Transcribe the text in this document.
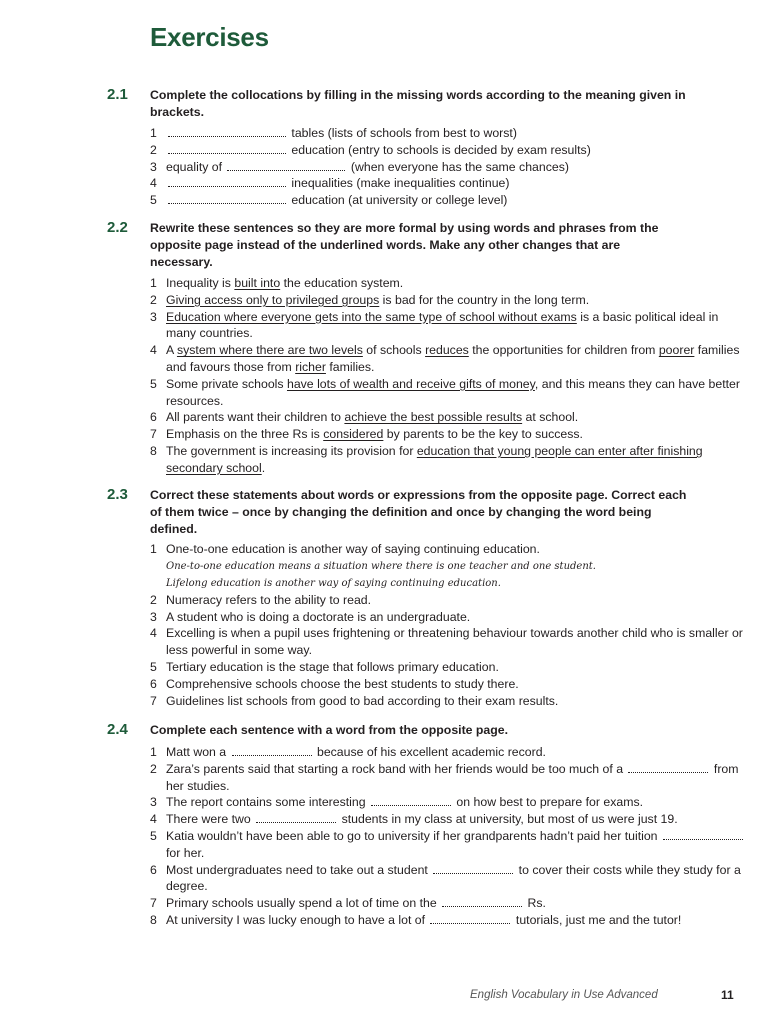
Exercises
2.1 Complete the collocations by filling in the missing words according to the meaning given in brackets.
1	tables (lists of schools from best to worst)
2	education (entry to schools is decided by exam results)
3 equality of	(when everyone has the same chances)
4	inequalities (make inequalities continue)
5	education (at university or college level)
2.2 Rewrite these sentences so they are more formal by using words and phrases from the opposite page instead of the underlined words. Make any other changes that are necessary.
1 Inequality is built into the education system.
2 Giving access only to privileged groups is bad for the country in the long term.
3 Education where everyone gets into the same type of school without exams is a basic political ideal in many countries.
4 A system where there are two levels of schools reduces the opportunities for children from poorer families and favours those from richer families.
5 Some private schools have lots of wealth and receive gifts of money, and this means they can have better resources.
6 All parents want their children to achieve the best possible results at school.
7 Emphasis on the three Rs is considered by parents to be the key to success.
8 The government is increasing its provision for education that young people can enter after finishing secondary school.
2.3 Correct these statements about words or expressions from the opposite page. Correct each of them twice – once by changing the definition and once by changing the word being defined.
1 One-to-one education is another way of saying continuing education.
One-to-one education means a situation where there is one teacher and one student.
Lifelong education is another way of saying continuing education.
2 Numeracy refers to the ability to read.
3 A student who is doing a doctorate is an undergraduate.
4 Excelling is when a pupil uses frightening or threatening behaviour towards another child who is smaller or less powerful in some way.
5 Tertiary education is the stage that follows primary education.
6 Comprehensive schools choose the best students to study there.
7 Guidelines list schools from good to bad according to their exam results.
2.4 Complete each sentence with a word from the opposite page.
1 Matt won a	because of his excellent academic record.
2 Zara’s parents said that starting a rock band with her friends would be too much of a	from her studies.
3 The report contains some interesting	on how best to prepare for exams.
4 There were two	students in my class at university, but most of us were just 19.
5 Katia wouldn’t have been able to go to university if her grandparents hadn’t paid her tuition  for her.
6 Most undergraduates need to take out a student	to cover their costs while they study for a degree.
7 Primary schools usually spend a lot of time on the	Rs.
8 At university I was lucky enough to have a lot of	tutorials, just me and the tutor!
English Vocabulary in Use Advanced	11
